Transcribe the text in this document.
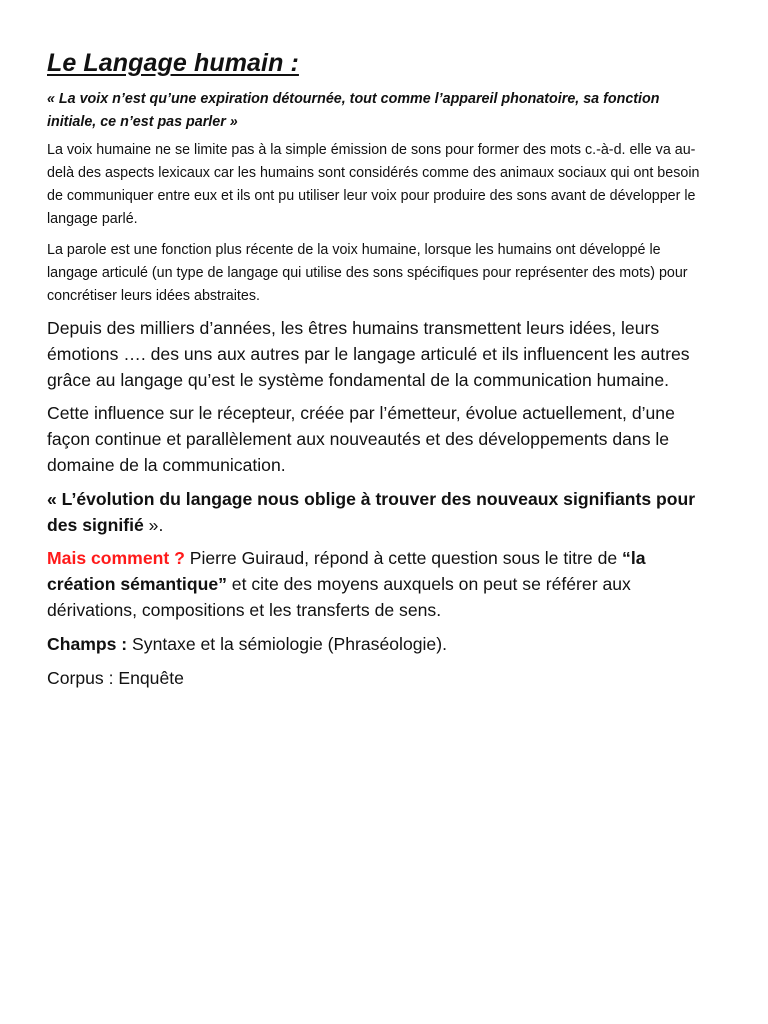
Le Langage humain :

« La voix n’est qu’une expiration détournée, tout comme l’appareil phonatoire, sa fonction initiale, ce n’est pas parler »

La voix humaine ne se limite pas à la simple émission de sons pour former des mots c.-à-d. elle va au-delà des aspects lexicaux car les humains sont considérés comme des animaux sociaux qui ont besoin de communiquer entre eux et ils ont pu utiliser leur voix pour produire des sons avant de développer le langage parlé.

La parole est une fonction plus récente de la voix humaine, lorsque les humains ont développé le langage articulé (un type de langage qui utilise des sons spécifiques pour représenter des mots) pour concrétiser leurs idées abstraites.

Depuis des milliers d’années, les êtres humains transmettent leurs idées, leurs émotions …. des uns aux autres par le langage articulé et ils influencent les autres grâce au langage qu’est le système fondamental de la communication humaine.

Cette influence sur le récepteur, créée par l’émetteur, évolue actuellement, d’une façon continue et parallèlement aux nouveautés et des développements dans le domaine de la communication.

« L’évolution du langage nous oblige à trouver des nouveaux signifiants pour des signifié ».

Mais comment ? Pierre Guiraud, répond à cette question sous le titre de “la création sémantique” et cite des moyens auxquels on peut se référer aux dérivations, compositions et les transferts de sens.

Champs : Syntaxe et la sémiologie (Phraséologie).

Corpus : Enquête
